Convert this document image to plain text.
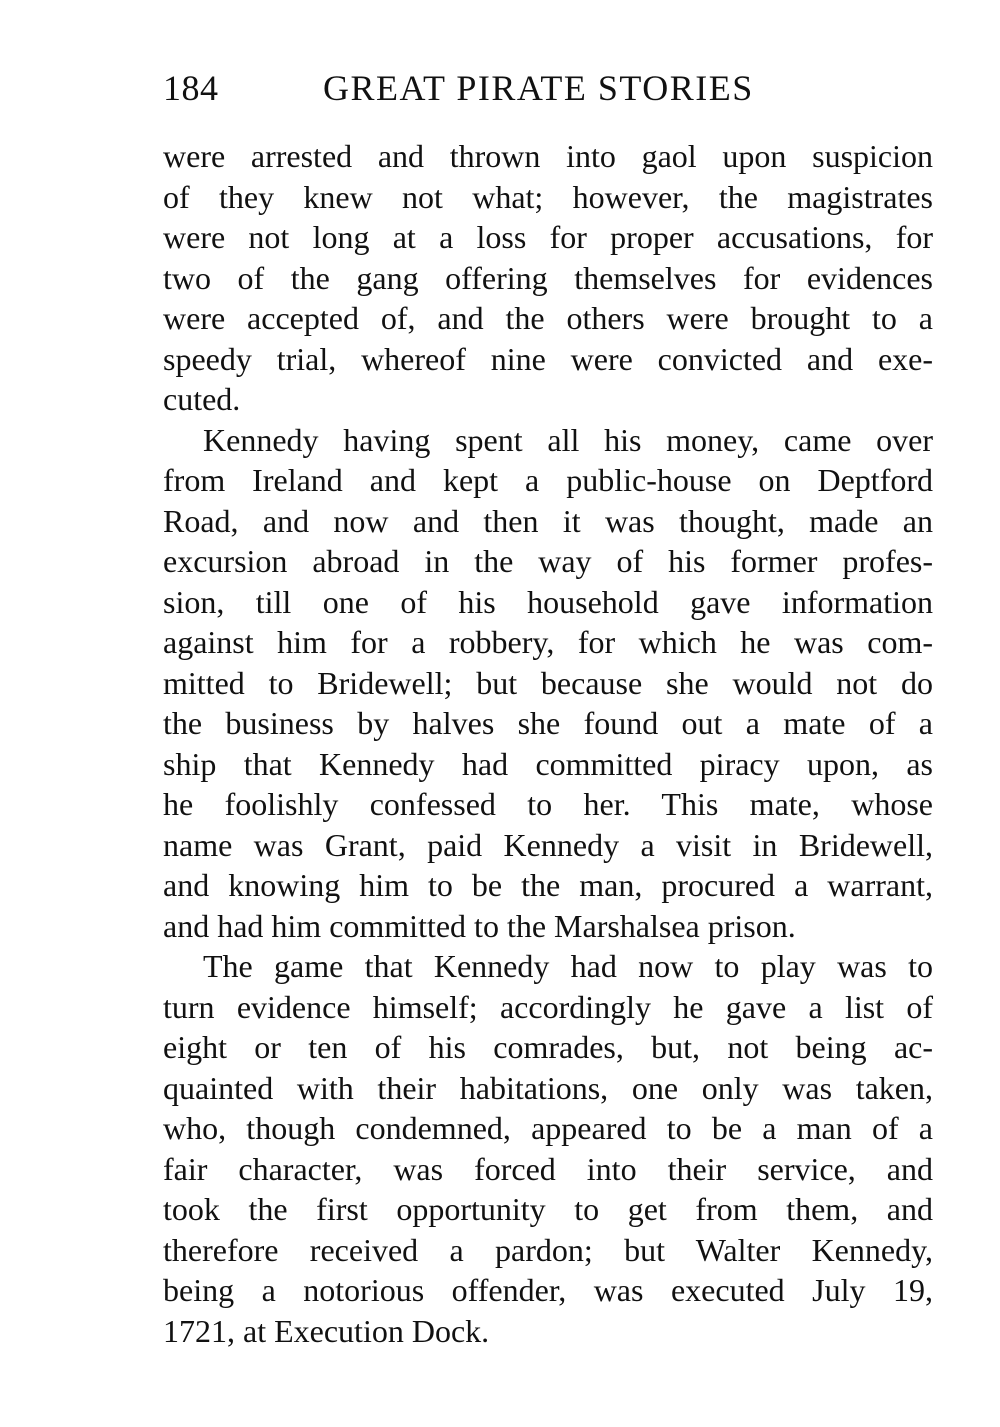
184	GREAT PIRATE STORIES
were arrested and thrown into gaol upon suspicion
of they knew not what; however, the magistrates
were not long at a loss for proper accusations, for
two of the gang offering themselves for evidences
were accepted of, and the others were brought to a
speedy trial, whereof nine were convicted and exe-
cuted.
Kennedy having spent all his money, came over
from Ireland and kept a public-house on Deptford
Road, and now and then it was thought, made an
excursion abroad in the way of his former profes-
sion, till one of his household gave information
against him for a robbery, for which he was com-
mitted to Bridewell; but because she would not do
the business by halves she found out a mate of a
ship that Kennedy had committed piracy upon, as
he foolishly confessed to her. This mate, whose
name was Grant, paid Kennedy a visit in Bridewell,
and knowing him to be the man, procured a warrant,
and had him committed to the Marshalsea prison.
The game that Kennedy had now to play was to
turn evidence himself; accordingly he gave a list of
eight or ten of his comrades, but, not being ac-
quainted with their habitations, one only was taken,
who, though condemned, appeared to be a man of a
fair character, was forced into their service, and
took the first opportunity to get from them, and
therefore received a pardon; but Walter Kennedy,
being a notorious offender, was executed July 19,
1721, at Execution Dock.
